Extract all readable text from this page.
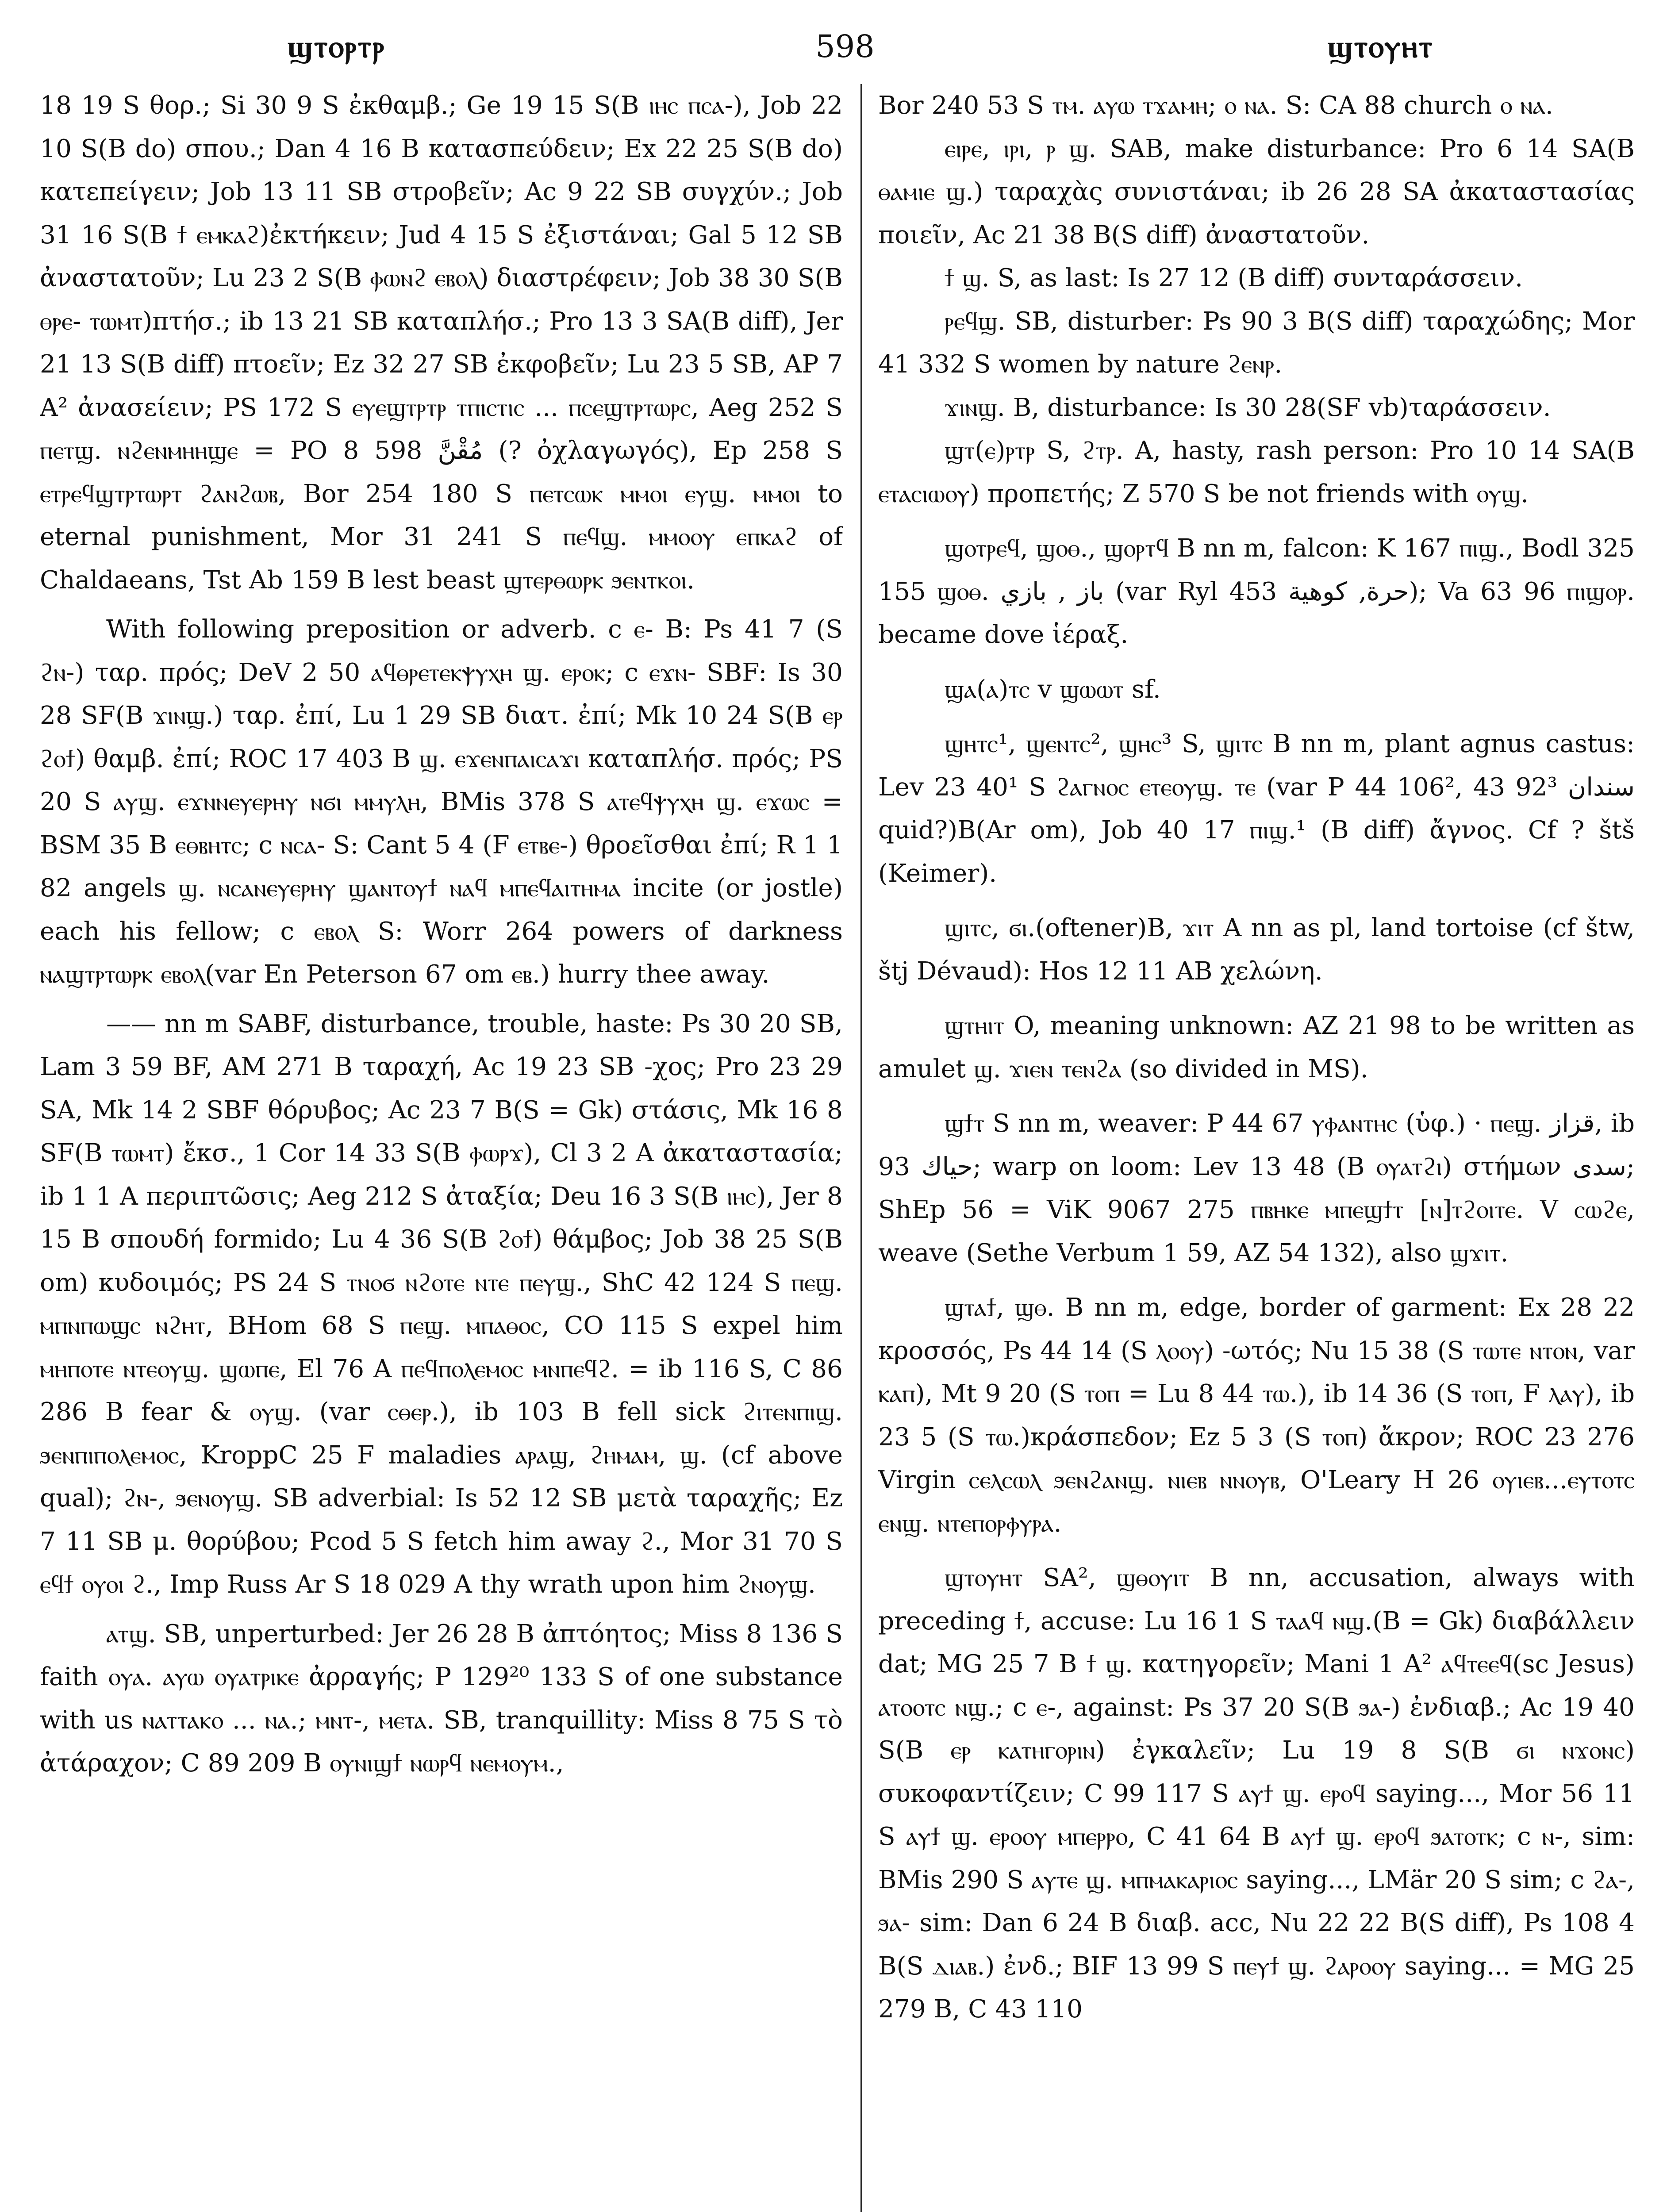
ϣⲧⲟⲣⲧⲣ	598	ϣⲧⲟⲩⲏⲧ

18 19 S θορ.; Si 30 9 S ἐκθαμβ.; Ge 19 15 S(B ⲓⲏⲥ ⲡⲥⲁ-), Job 22 10 S(B do) σπου.; Dan 4 16 B κατασπεύδειν; Ex 22 25 S(B do) κατεπείγειν; Job 13 11 SB στροβεῖν; Ac 9 22 SB συγχύν.; Job 31 16 S(B ϯ ⲉⲙⲕⲁϩ)ἐκτήκειν; Jud 4 15 S ἐξιστάναι; Gal 5 12 SB ἀναστατοῦν; Lu 23 2 S(B ⲫⲱⲛϩ ⲉⲃⲟⲗ) διαστρέφειν; Job 38 30 S(B ⲑⲣⲉ- ⲧⲱⲙⲧ)πτήσ.; ib 13 21 SB καταπλήσ.; Pro 13 3 SA(B diff), Jer 21 13 S(B diff) πτοεῖν; Ez 32 27 SB ἐκφοβεῖν; Lu 23 5 SB, AP 7 A² ἀνασείειν; PS 172 S ⲉⲩⲉϣⲧⲣⲧⲣ ⲧⲡⲓⲥⲧⲓⲥ ... ⲡⲥⲉϣⲧⲣⲧⲱⲣⲥ, Aeg 252 S ⲡⲉⲧϣ. ⲛϩⲉⲛⲙⲏⲏϣⲉ = PO 8 598 مُقْنَّ (? ὀχλαγωγός), Ep 258 S ⲉⲧⲣⲉϥϣⲧⲣⲧⲱⲣⲧ ϩⲁⲛϩⲱⲃ, Bor 254 180 S ⲡⲉⲧⲥⲱⲕ ⲙⲙⲟⲓ ⲉⲩϣ. ⲙⲙⲟⲓ to eternal punishment, Mor 31 241 S ⲡⲉϥϣ. ⲙⲙⲟⲟⲩ ⲉⲡⲕⲁϩ of Chaldaeans, Tst Ab 159 B lest beast ϣⲧⲉⲣⲑⲱⲣⲕ ϧⲉⲛⲧⲕⲟⲓ.

With following preposition or adverb. c ⲉ- B: Ps 41 7 (S ϩⲛ-) ταρ. πρός; DeV 2 50 ⲁϥⲑⲣⲉⲧⲉⲕⲯⲩⲭⲏ ϣ. ⲉⲣⲟⲕ; c ⲉϫⲛ- SBF: Is 30 28 SF(B ϫⲓⲛϣ.) ταρ. ἐπί, Lu 1 29 SB διατ. ἐπί; Mk 10 24 S(B ⲉⲣ ϩⲟϯ) θαμβ. ἐπί; ROC 17 403 B ϣ. ⲉϫⲉⲛⲡⲁⲓⲥⲁϫⲓ καταπλήσ. πρός; PS 20 S ⲁⲩϣ. ⲉϫⲛⲛⲉⲩⲉⲣⲏⲩ ⲛϭⲓ ⲙⲙⲩⲗⲏ, BMis 378 S ⲁⲧⲉϥⲯⲩⲭⲏ ϣ. ⲉϫⲱⲥ = BSM 35 B ⲉⲑⲃⲏⲧⲥ; c ⲛⲥⲁ- S: Cant 5 4 (F ⲉⲧⲃⲉ-) θροεῖσθαι ἐπί; R 1 1 82 angels ϣ. ⲛⲥⲁⲛⲉⲩⲉⲣⲏⲩ ϣⲁⲛⲧⲟⲩϯ ⲛⲁϥ ⲙⲡⲉϥⲁⲓⲧⲏⲙⲁ incite (or jostle) each his fellow; c ⲉⲃⲟⲗ S: Worr 264 powers of darkness ⲛⲁϣⲧⲣⲧⲱⲣⲕ ⲉⲃⲟⲗ(var En Peterson 67 om ⲉⲃ.) hurry thee away.

—— nn m SABF, disturbance, trouble, haste: Ps 30 20 SB, Lam 3 59 BF, AM 271 B ταραχή, Ac 19 23 SB -χος; Pro 23 29 SA, Mk 14 2 SBF θόρυβος; Ac 23 7 B(S = Gk) στάσις, Mk 16 8 SF(B ⲧⲱⲙⲧ) ἔκσ., 1 Cor 14 33 S(B ⲫⲱⲣϫ), Cl 3 2 A ἀκαταστασία; ib 1 1 A περιπτῶσις; Aeg 212 S ἀταξία; Deu 16 3 S(B ⲓⲏⲥ), Jer 8 15 B σπουδή formido; Lu 4 36 S(B ϩⲟϯ) θάμβος; Job 38 25 S(B om) κυδοιμός; PS 24 S ⲧⲛⲟϭ ⲛϩⲟⲧⲉ ⲛⲧⲉ ⲡⲉⲩϣ., ShC 42 124 S ⲡⲉϣ. ⲙⲡⲛⲡⲱϣⲥ ⲛϩⲏⲧ, BHom 68 S ⲡⲉϣ. ⲙⲡⲁⲑⲟⲥ, CO 115 S expel him ⲙⲏⲡⲟⲧⲉ ⲛⲧⲉⲟⲩϣ. ϣⲱⲡⲉ, El 76 A ⲡⲉϥⲡⲟⲗⲉⲙⲟⲥ ⲙⲛⲡⲉϥϩ. = ib 116 S, C 86 286 B fear & ⲟⲩϣ. (var ⲥⲑⲉⲣ.), ib 103 B fell sick ϩⲓⲧⲉⲛⲡⲓϣ. ϧⲉⲛⲡⲓⲡⲟⲗⲉⲙⲟⲥ, KroppC 25 F maladies ⲁⲣⲁϣ, ϩⲏⲙⲁⲙ, ϣ. (cf above qual); ϩⲛ-, ϧⲉⲛⲟⲩϣ. SB adverbial: Is 52 12 SB μετὰ ταραχῆς; Ez 7 11 SB μ. θορύβου; Pcod 5 S fetch him away ϩ., Mor 31 70 S ⲉϥϯ ⲟⲩⲟⲓ ϩ., Imp Russ Ar S 18 029 A thy wrath upon him ϩⲛⲟⲩϣ.

ⲁⲧϣ. SB, unperturbed: Jer 26 28 B ἀπτόητος; Miss 8 136 S faith ⲟⲩⲁ. ⲁⲩⲱ ⲟⲩⲁⲧⲣⲓⲕⲉ ἀρραγής; P 129²⁰ 133 S of one substance with us ⲛⲁⲧⲧⲁⲕⲟ ... ⲛⲁ.; ⲙⲛⲧ-, ⲙⲉⲧⲁ. SB, tranquillity: Miss 8 75 S τὸ ἀτάραχον; C 89 209 B ⲟⲩⲛⲓϣϯ ⲛⲱⲣϥ ⲛⲉⲙⲟⲩⲙ.,

Bor 240 53 S ⲧⲙ. ⲁⲩⲱ ⲧϫⲁⲙⲏ; ⲟ ⲛⲁ. S: CA 88 church ⲟ ⲛⲁ.

ⲉⲓⲣⲉ, ⲓⲣⲓ, ⲣ ϣ. SAB, make disturbance: Pro 6 14 SA(B ⲑⲁⲙⲓⲉ ϣ.) ταραχὰς συνιστάναι; ib 26 28 SA ἀκαταστασίας ποιεῖν, Ac 21 38 B(S diff) ἀναστατοῦν.

ϯ ϣ. S, as last: Is 27 12 (B diff) συνταράσσειν.

ⲣⲉϥϣ. SB, disturber: Ps 90 3 B(S diff) ταραχώδης; Mor 41 332 S women by nature ϩⲉⲛⲣ.

ϫⲓⲛϣ. B, disturbance: Is 30 28(SF vb)ταράσσειν.

ϣⲧ(ⲉ)ⲣⲧⲣ S, ϩⲧⲣ. A, hasty, rash person: Pro 10 14 SA(B ⲉⲧⲁⲥⲓⲱⲟⲩ) προπετής; Z 570 S be not friends with ⲟⲩϣ.

ϣⲟⲧⲣⲉϥ, ϣⲟⲑ., ϣⲟⲣⲧϥ B nn m, falcon: K 167 ⲡⲓϣ., Bodl 325 155 ϣⲟⲑ. باز , بازي (var Ryl 453 حرة, كوهية); Va 63 96 ⲡⲓϣⲟⲣ. became dove ἱέραξ.

ϣⲁ(ⲁ)ⲧⲥ v ϣⲱⲱⲧ sf.

ϣⲏⲧⲥ¹, ϣⲉⲛⲧⲥ², ϣⲏⲥ³ S, ϣⲓⲧⲥ B nn m, plant agnus castus: Lev 23 40¹ S ϩⲁⲅⲛⲟⲥ ⲉⲧⲉⲟⲩϣ. ⲧⲉ (var P 44 106², 43 92³ سندان quid?)B(Ar om), Job 40 17 ⲡⲓϣ.¹ (B diff) ἄγνος. Cf ? štš (Keimer).

ϣⲓⲧⲥ, ϭⲓ.(oftener)B, ϫⲓⲧ A nn as pl, land tortoise (cf štw, štj Dévaud): Hos 12 11 AB χελώνη.

ϣⲧⲏⲓⲧ O, meaning unknown: AZ 21 98 to be written as amulet ϣ. ϫⲓⲉⲛ ⲧⲉⲛϩⲁ (so divided in MS).

ϣϯⲧ S nn m, weaver: P 44 67 ⲩⲫⲁⲛⲧⲏⲥ (ὑφ.) · ⲡⲉϣ. قزاز, ib 93 حياك; warp on loom: Lev 13 48 (B ⲟⲩⲁⲧϩⲓ) στήμων سدى; ShEp 56 = ViK 9067 275 ⲡⲃⲏⲕⲉ ⲙⲡⲉϣϯⲧ [ⲛ]ⲧϩⲟⲓⲧⲉ. V ⲥⲱϩⲉ, weave (Sethe Verbum 1 59, AZ 54 132), also ϣϫⲓⲧ.

ϣⲧⲁϯ, ϣⲑ. B nn m, edge, border of garment: Ex 28 22 κροσσός, Ps 44 14 (S ⲗⲟⲟⲩ) -ωτός; Nu 15 38 (S ⲧⲱⲧⲉ ⲛⲧⲟⲛ, var ⲕⲁⲡ), Mt 9 20 (S ⲧⲟⲡ = Lu 8 44 ⲧⲱ.), ib 14 36 (S ⲧⲟⲡ, F ⲗⲁⲩ), ib 23 5 (S ⲧⲱ.)κράσπεδον; Ez 5 3 (S ⲧⲟⲡ) ἄκρον; ROC 23 276 Virgin ⲥⲉⲗⲥⲱⲗ ϧⲉⲛϩⲁⲛϣ. ⲛⲓⲉⲃ ⲛⲛⲟⲩⲃ, O'Leary H 26 ⲟⲩⲓⲉⲃ...ⲉⲩⲧⲟⲧⲥ ⲉⲛϣ. ⲛⲧⲉⲡⲟⲣⲫⲩⲣⲁ.

ϣⲧⲟⲩⲏⲧ SA², ϣⲑⲟⲩⲓⲧ B nn, accusation, always with preceding ϯ, accuse: Lu 16 1 S ⲧⲁⲁϥ ⲛϣ.(B = Gk) διαβάλλειν dat; MG 25 7 B ϯ ϣ. κατηγορεῖν; Mani 1 A² ⲁϥⲧⲉⲉϥ(sc Jesus) ⲁⲧⲟⲟⲧⲥ ⲛϣ.; c ⲉ-, against: Ps 37 20 S(B ϧⲁ-) ἐνδιαβ.; Ac 19 40 S(B ⲉⲣ ⲕⲁⲧⲏⲅⲟⲣⲓⲛ) ἐγκαλεῖν; Lu 19 8 S(B ϭⲓ ⲛϫⲟⲛⲥ) συκοφαντίζειν; C 99 117 S ⲁⲩϯ ϣ. ⲉⲣⲟϥ saying..., Mor 56 11 S ⲁⲩϯ ϣ. ⲉⲣⲟⲟⲩ ⲙⲡⲉⲣⲣⲟ, C 41 64 B ⲁⲩϯ ϣ. ⲉⲣⲟϥ ϧⲁⲧⲟⲧⲕ; c ⲛ-, sim: BMis 290 S ⲁⲩⲧⲉ ϣ. ⲙⲡⲙⲁⲕⲁⲣⲓⲟⲥ saying..., LMär 20 S sim; c ϩⲁ-, ϧⲁ- sim: Dan 6 24 B διαβ. acc, Nu 22 22 B(S diff), Ps 108 4 B(S ⲇⲓⲁⲃ.) ἐνδ.; BIF 13 99 S ⲡⲉⲩϯ ϣ. ϩⲁⲣⲟⲟⲩ saying... = MG 25 279 B, C 43 110
